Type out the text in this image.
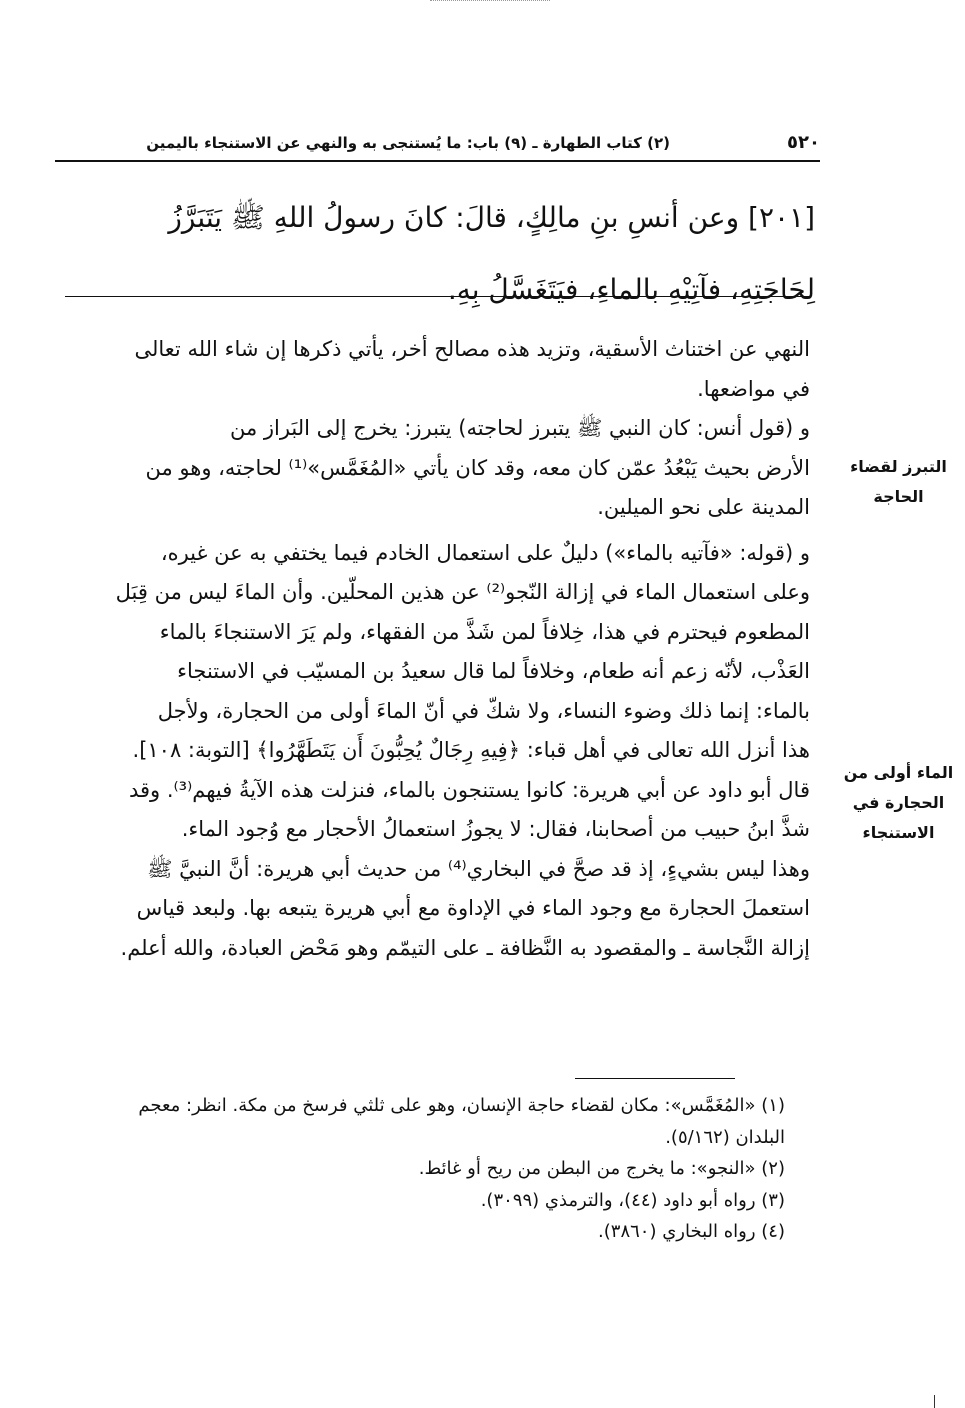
٥٢٠
(٢) كتاب الطهارة ـ (٩) باب: ما يُستنجى به والنهي عن الاستنجاء باليمين
[٢٠١] وعن أنسِ بنِ مالِكٍ، قالَ: كانَ رسولُ اللهِ ﷺ يَتَبَرَّزُ
لِحَاجَتِهِ، فآتِيْهِ بالماءِ، فيَتَغَسَّلُ بِهِ.
النهي عن اختناث الأسقية، وتزيد هذه مصالح أخر، يأتي ذكرها إن شاء الله تعالى
في مواضعها.
و (قول أنس: كان النبي ﷺ يتبرز لحاجته) يتبرز: يخرج إلى البَراز من
الأرض بحيث يَبْعُدُ عمّن كان معه، وقد كان يأتي «المُغَمَّس»⁽¹⁾ لحاجته، وهو من
المدينة على نحو الميلين.
و (قوله: «فآتيه بالماء») دليلٌ على استعمال الخادم فيما يختفي به عن غيره،
وعلى استعمال الماء في إزالة النّجو⁽²⁾ عن هذين المحلّين. وأن الماءَ ليس من قِبَل
المطعوم فيحترم في هذا، خِلافاً لمن شَذَّ من الفقهاء، ولم يَرَ الاستنجاءَ بالماء
العَذْب، لأنّه زعم أنه طعام، وخلافاً لما قال سعيدُ بن المسيّب في الاستنجاء
بالماء: إنما ذلك وضوء النساء، ولا شكّ في أنّ الماءَ أولى من الحجارة، ولأجل
هذا أنزل الله تعالى في أهل قباء: ﴿فِيهِ رِجَالٌ يُحِبُّونَ أَن يَتَطَهَّرُوا﴾ [التوبة: ١٠٨].
قال أبو داود عن أبي هريرة: كانوا يستنجون بالماء، فنزلت هذه الآيةُ فيهم⁽³⁾. وقد
شذَّ ابنُ حبيب من أصحابنا، فقال: لا يجوزُ استعمالُ الأحجار مع وُجود الماء.
وهذا ليس بشيءٍ، إذ قد صحَّ في البخاري⁽⁴⁾ من حديث أبي هريرة: أنَّ النبيَّ ﷺ
استعملَ الحجارة مع وجود الماء في الإداوة مع أبي هريرة يتبعه بها. ولبعد قياس
إزالة النَّجاسة ـ والمقصود به النَّظافة ـ على التيمّم وهو مَحْض العبادة، والله أعلم.
التبرز لقضاء الحاجة
الماء أولى من الحجارة في الاستنجاء
(١) «المُغَمَّس»: مكان لقضاء حاجة الإنسان، وهو على ثلثي فرسخ من مكة. انظر: معجم
البلدان (٥/١٦٢).
(٢) «النجو»: ما يخرج من البطن من ريح أو غائط.
(٣) رواه أبو داود (٤٤)، والترمذي (٣٠٩٩).
(٤) رواه البخاري (٣٨٦٠).
